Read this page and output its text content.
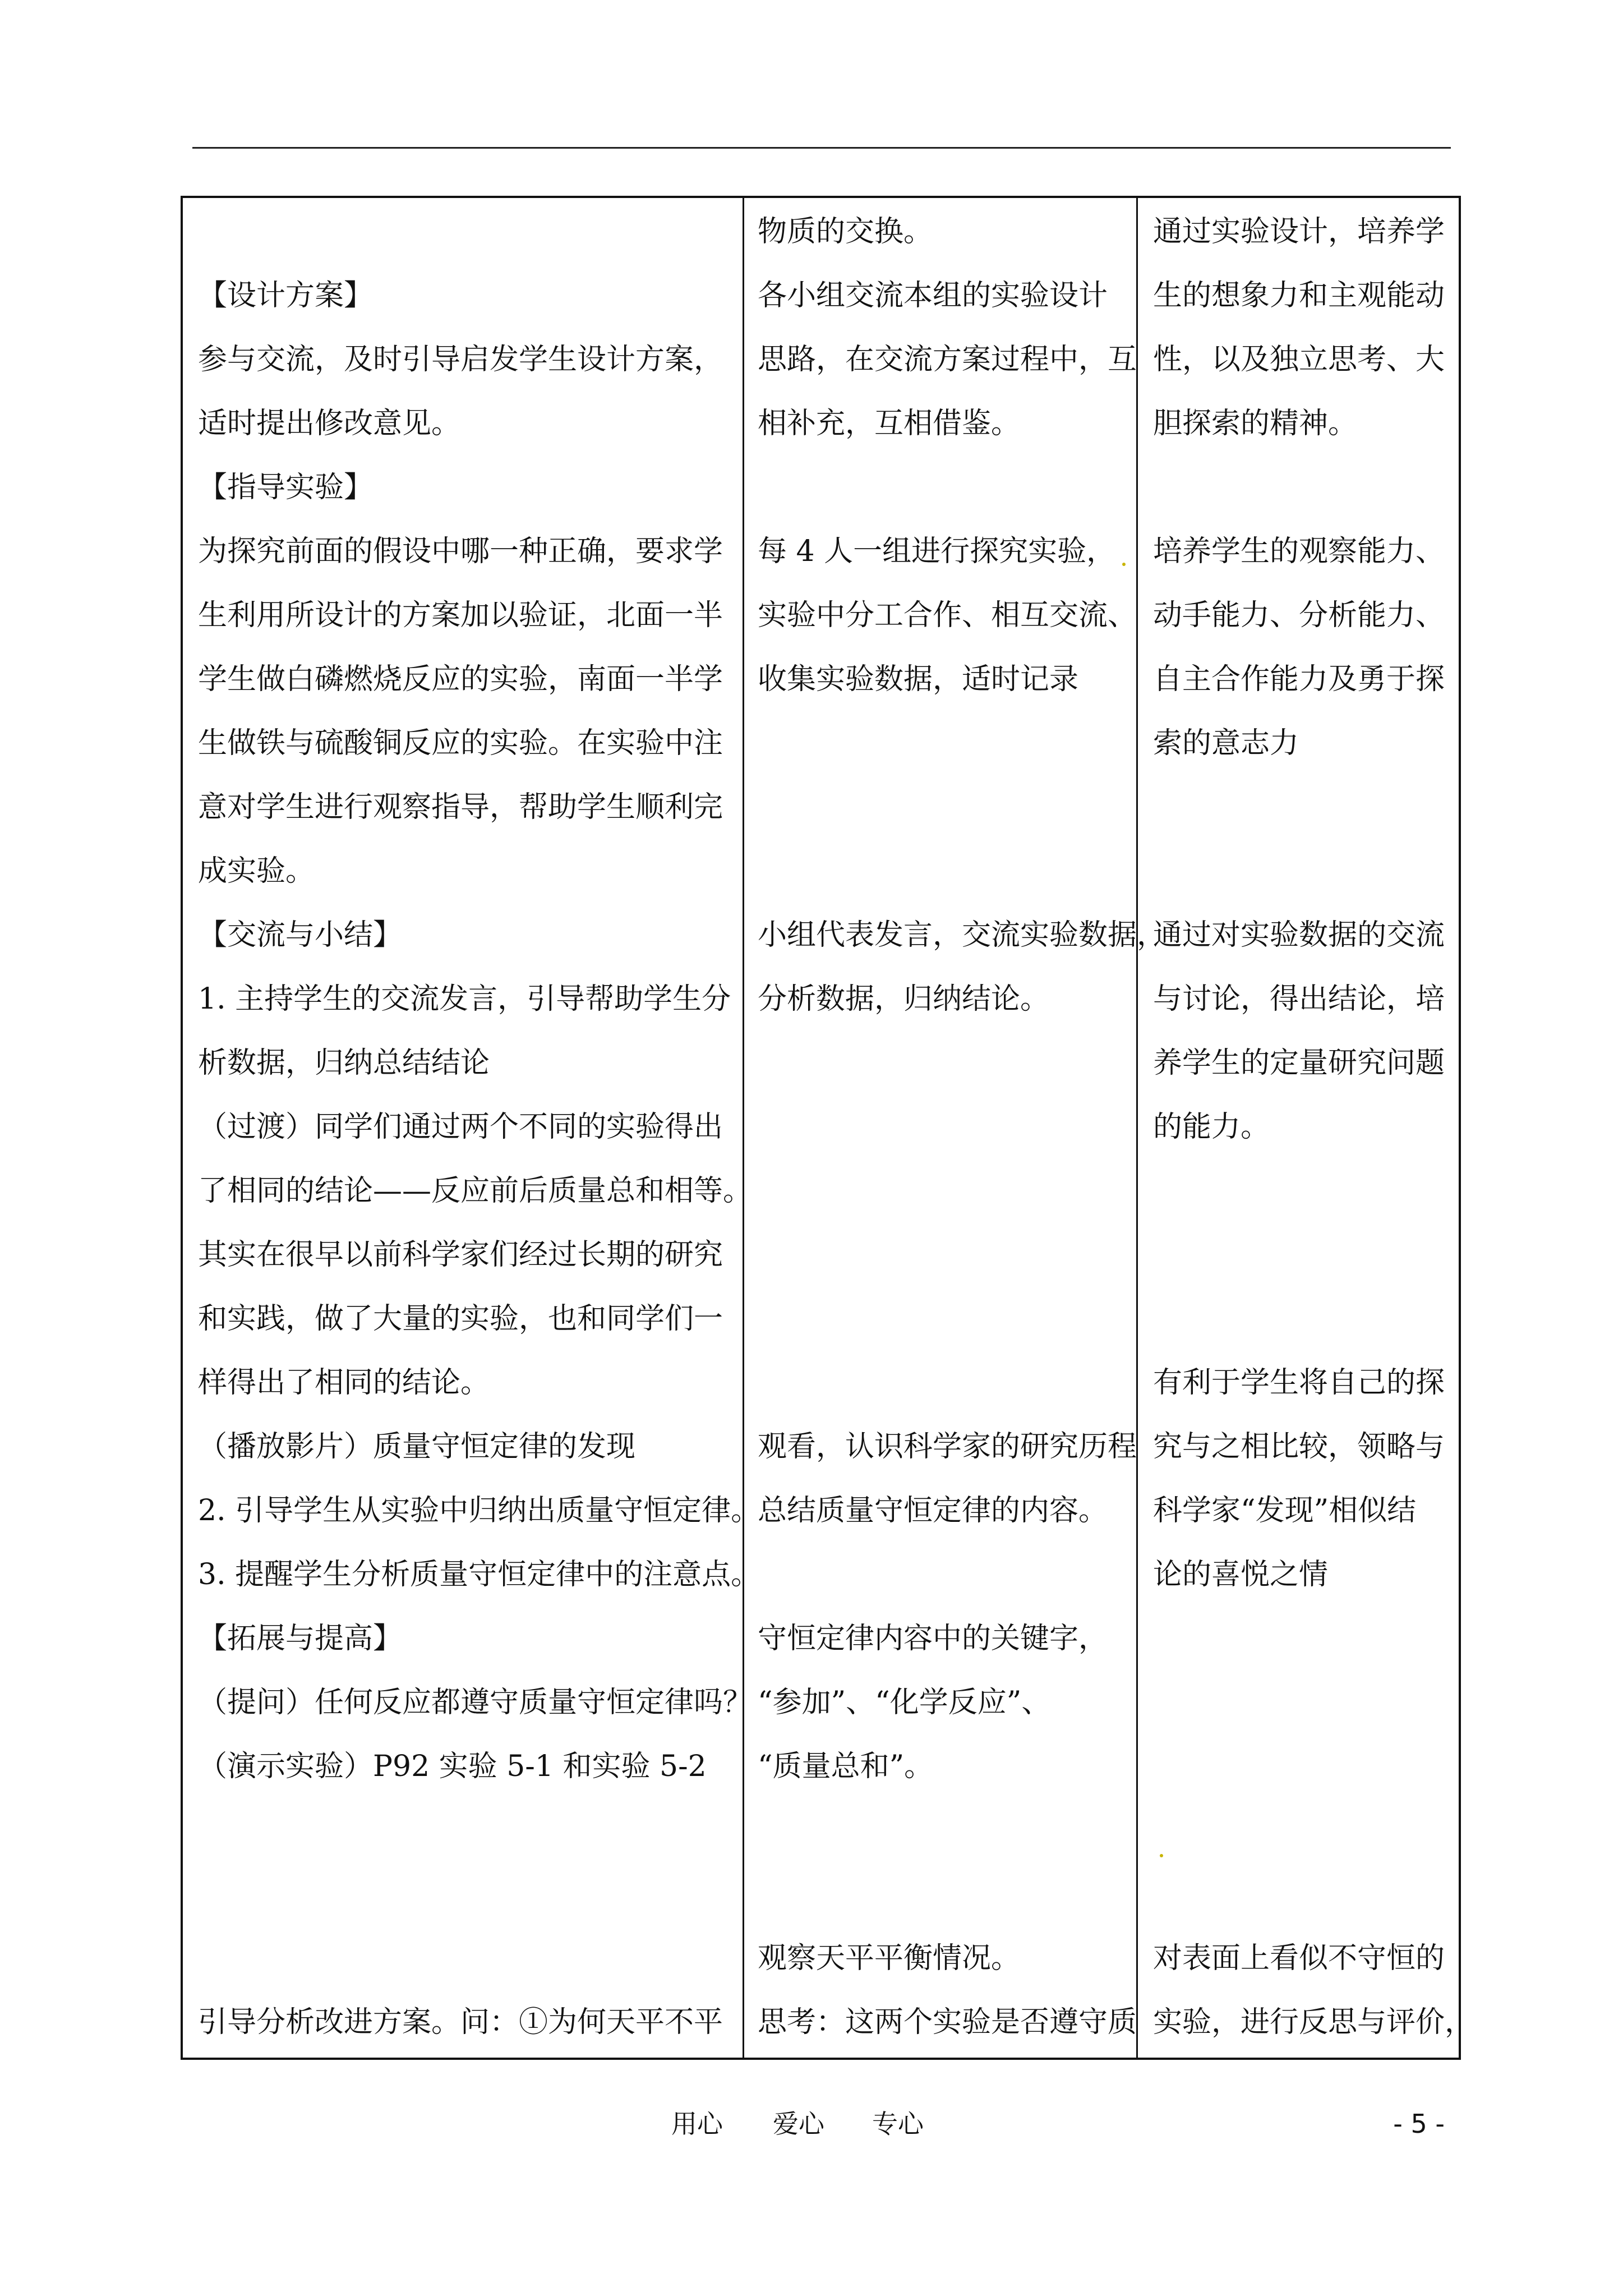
【设计方案】
参与交流，及时引导启发学生设计方案，
适时提出修改意见。
【指导实验】
为探究前面的假设中哪一种正确，要求学
生利用所设计的方案加以验证，北面一半
学生做白磷燃烧反应的实验，南面一半学
生做铁与硫酸铜反应的实验。在实验中注
意对学生进行观察指导，帮助学生顺利完
成实验。
【交流与小结】
1. 主持学生的交流发言，引导帮助学生分
析数据，归纳总结结论
（过渡）同学们通过两个不同的实验得出
了相同的结论——反应前后质量总和相等。
其实在很早以前科学家们经过长期的研究
和实践，做了大量的实验，也和同学们一
样得出了相同的结论。
（播放影片）质量守恒定律的发现
2. 引导学生从实验中归纳出质量守恒定律。
3. 提醒学生分析质量守恒定律中的注意点。
【拓展与提高】
（提问）任何反应都遵守质量守恒定律吗？
（演示实验）P92 实验 5-1 和实验 5-2
引导分析改进方案。问：①为何天平不平
物质的交换。
各小组交流本组的实验设计
思路，在交流方案过程中，互
相补充，互相借鉴。
每 4 人一组进行探究实验，
实验中分工合作、相互交流、
收集实验数据，适时记录
小组代表发言，交流实验数据，
分析数据，归纳结论。
观看，认识科学家的研究历程
总结质量守恒定律的内容。
守恒定律内容中的关键字，
“参加”、“化学反应”、
“质量总和”。
观察天平平衡情况。
思考：这两个实验是否遵守质
通过实验设计，培养学
生的想象力和主观能动
性，以及独立思考、大
胆探索的精神。
培养学生的观察能力、
动手能力、分析能力、
自主合作能力及勇于探
索的意志力
通过对实验数据的交流
与讨论，得出结论，培
养学生的定量研究问题
的能力。
有利于学生将自己的探
究与之相比较，领略与
科学家“发现”相似结
论的喜悦之情
对表面上看似不守恒的
实验，进行反思与评价，
用心 爱心 专心	- 5 -
